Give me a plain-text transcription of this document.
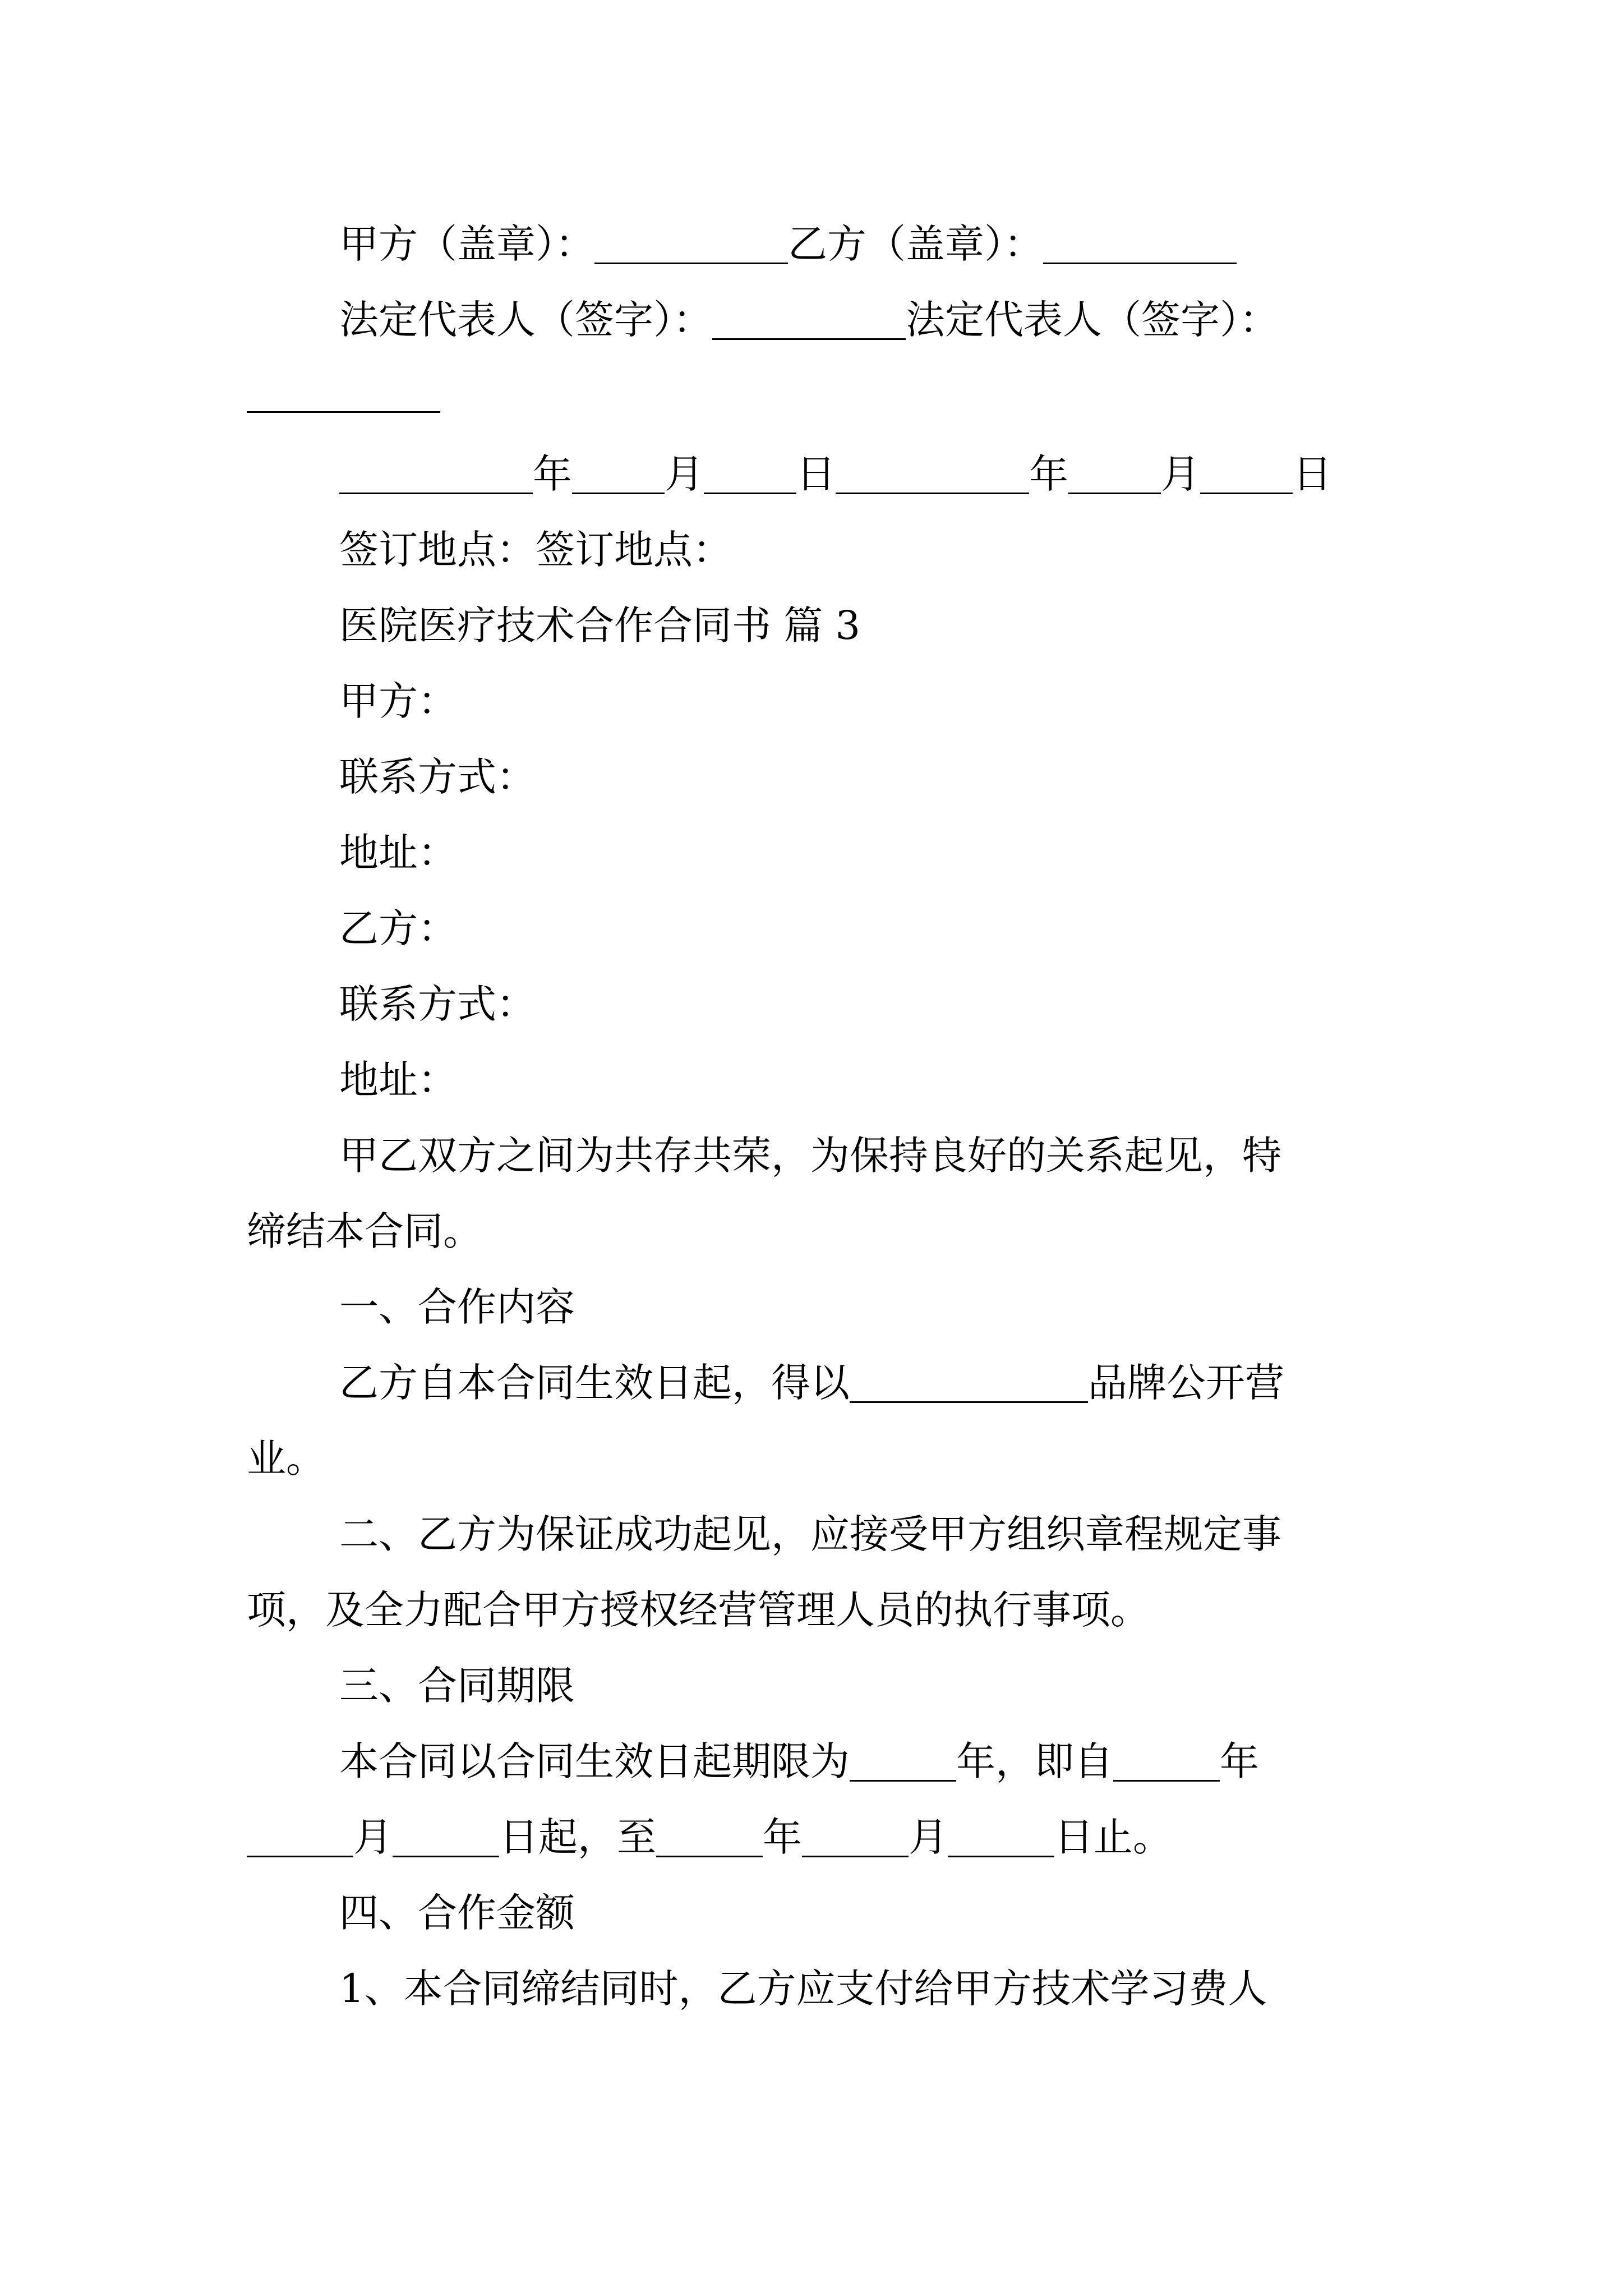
甲方（盖章）：	乙方（盖章）：
法定代表人（签字）：	法定代表人（签字）：
年 月 日	年 月 日
签订地点：签订地点：
医院医疗技术合作合同书 篇 3
甲方：
联系方式：
地址：
乙方：
联系方式：
地址：
甲乙双方之间为共存共荣，为保持良好的关系起见，特
缔结本合同。
一、合作内容
乙方自本合同生效日起，得以	品牌公开营
业。
二、乙方为保证成功起见，应接受甲方组织章程规定事
项，及全力配合甲方授权经营管理人员的执行事项。
三、合同期限
本合同以合同生效日起期限为	年，即自	年
月	日起，至	年	月	日止。
四、合作金额
1、本合同缔结同时，乙方应支付给甲方技术学习费人
